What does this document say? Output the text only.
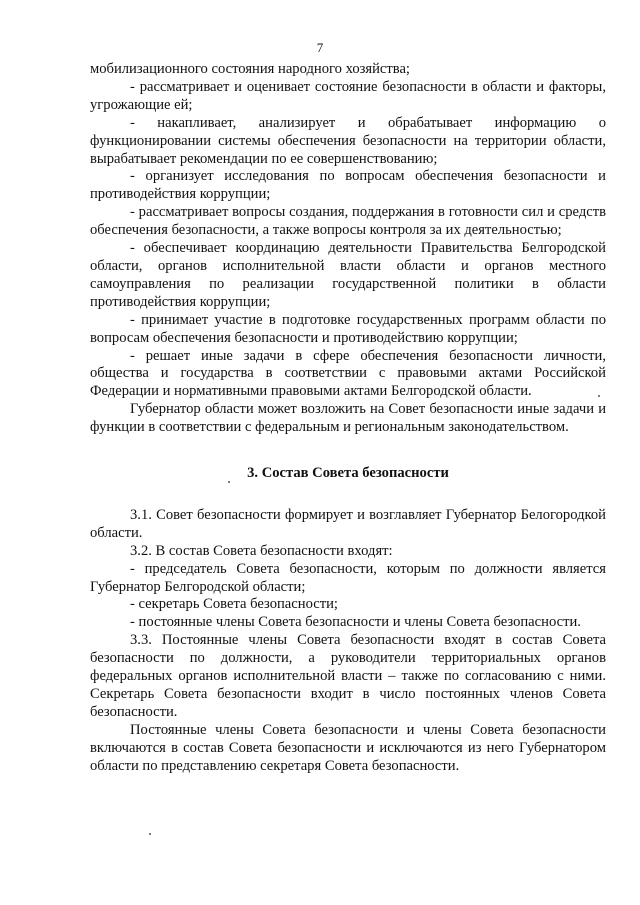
7

мобилизационного состояния народного хозяйства;

- рассматривает и оценивает состояние безопасности в области и факторы, угрожающие ей;

- накапливает, анализирует и обрабатывает информацию о функционировании системы обеспечения безопасности на территории области, вырабатывает рекомендации по ее совершенствованию;

- организует исследования по вопросам обеспечения безопасности и противодействия коррупции;

- рассматривает вопросы создания, поддержания в готовности сил и средств обеспечения безопасности, а также вопросы контроля за их деятельностью;

- обеспечивает координацию деятельности Правительства Белгородской области, органов исполнительной власти области и органов местного самоуправления по реализации государственной политики в области противодействия коррупции;

- принимает участие в подготовке государственных программ области по вопросам обеспечения безопасности и противодействию коррупции;

- решает иные задачи в сфере обеспечения безопасности личности, общества и государства в соответствии с правовыми актами Российской Федерации и нормативными правовыми актами Белгородской области.

Губернатор области может возложить на Совет безопасности иные задачи и функции в соответствии с федеральным и региональным законодательством.

3. Состав Совета безопасности

3.1. Совет безопасности формирует и возглавляет Губернатор Белогородкой области.

3.2. В состав Совета безопасности входят:

- председатель Совета безопасности, которым по должности является Губернатор Белгородской области;

- секретарь Совета безопасности;

- постоянные члены Совета безопасности и члены Совета безопасности.

3.3. Постоянные члены Совета безопасности входят в состав Совета безопасности по должности, а руководители территориальных органов федеральных органов исполнительной власти – также по согласованию с ними. Секретарь Совета безопасности входит в число постоянных членов Совета безопасности.

Постоянные члены Совета безопасности и члены Совета безопасности включаются в состав Совета безопасности и исключаются из него Губернатором области по представлению секретаря Совета безопасности.
